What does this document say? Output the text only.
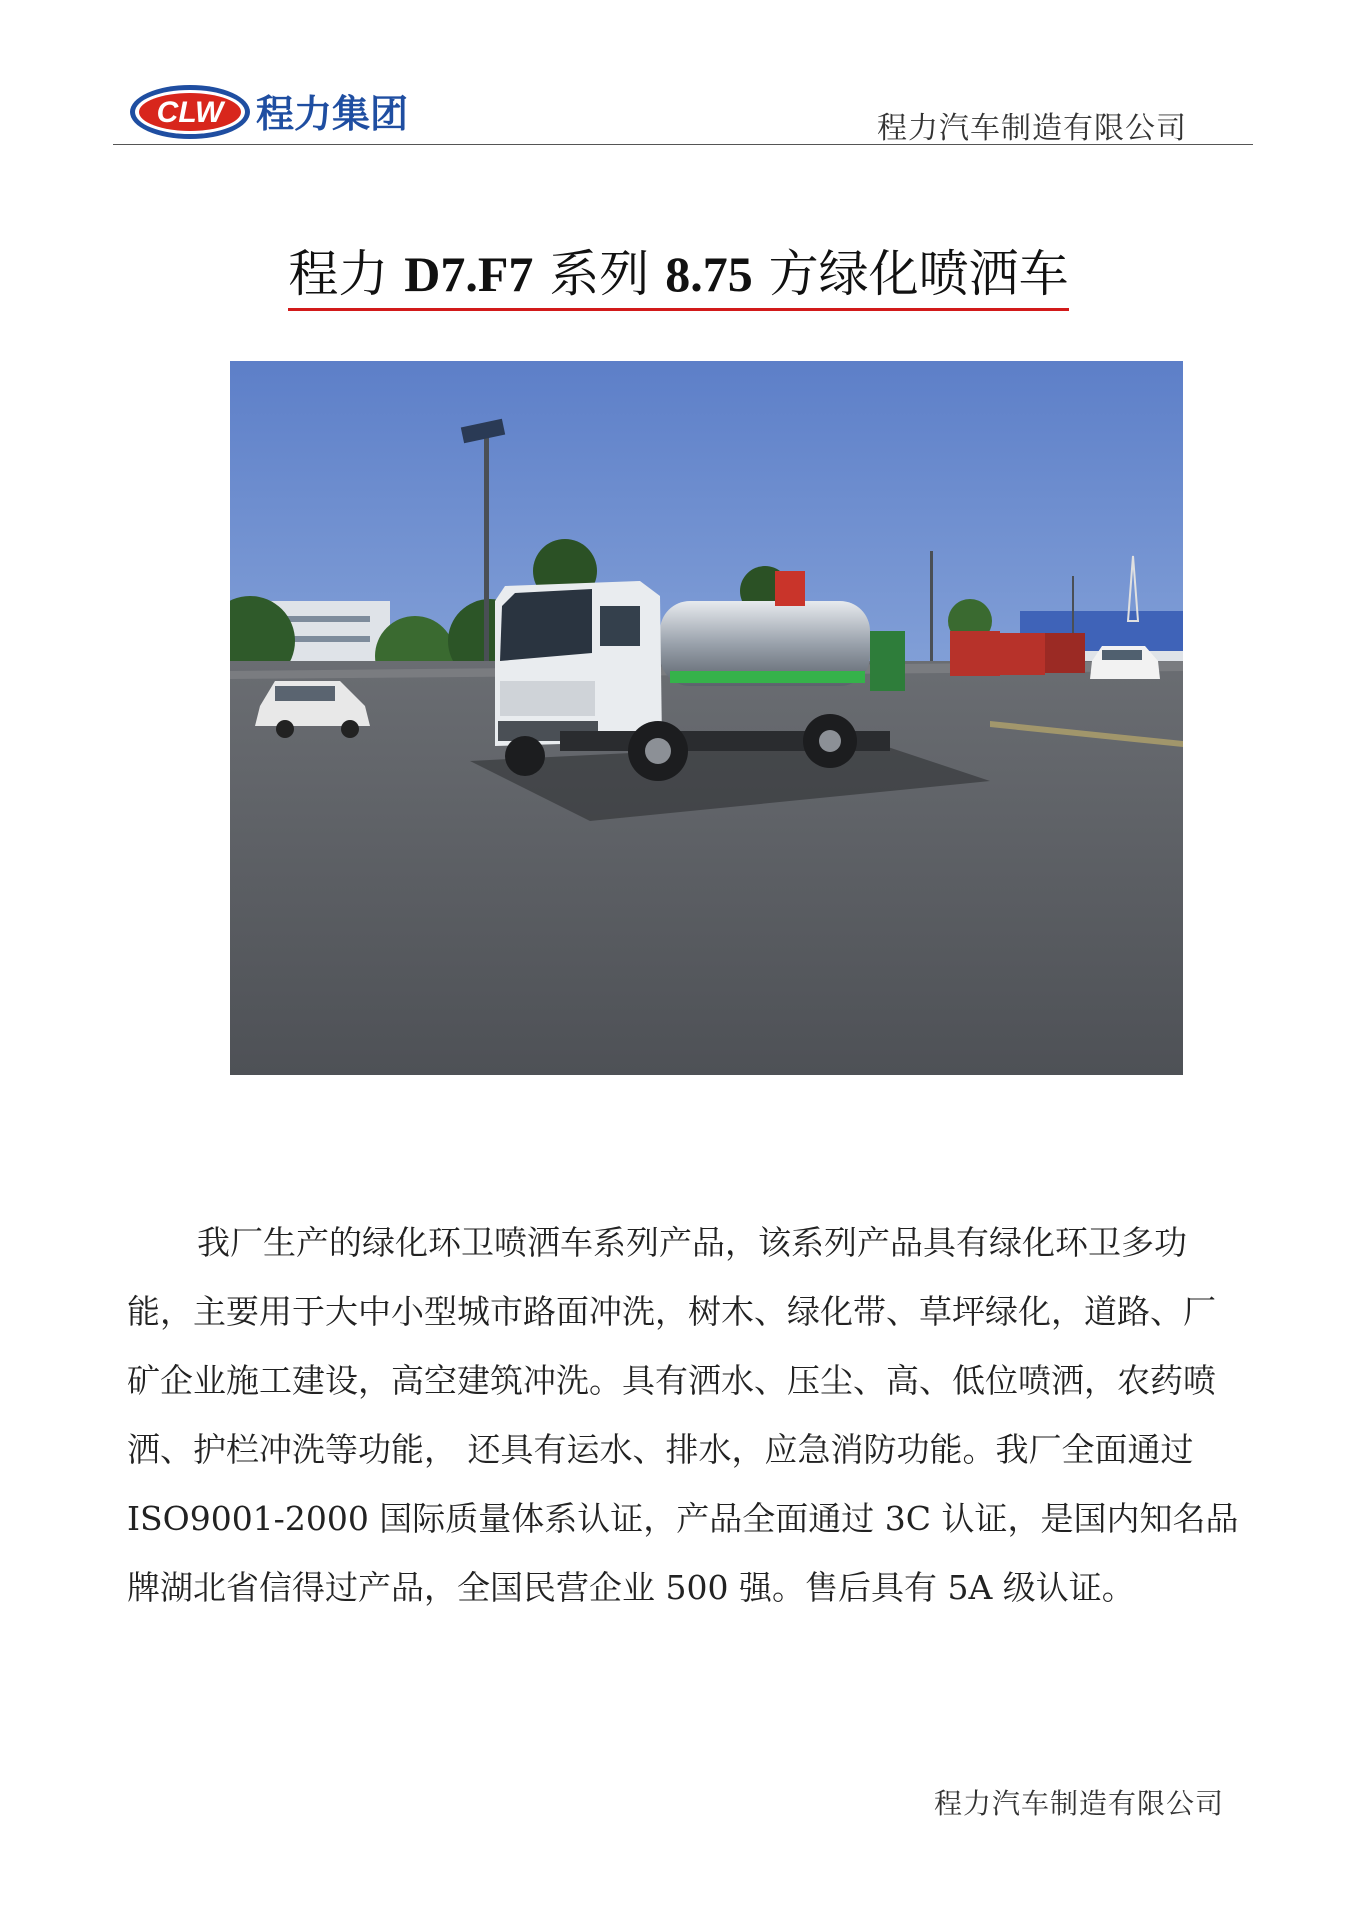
CLW 程力集团	程力汽车制造有限公司
程力 D7.F7 系列 8.75 方绿化喷洒车
我厂生产的绿化环卫喷洒车系列产品，该系列产品具有绿化环卫多功
能，主要用于大中小型城市路面冲洗，树木、绿化带、草坪绿化，道路、厂
矿企业施工建设，高空建筑冲洗。具有洒水、压尘、高、低位喷洒，农药喷
洒、护栏冲洗等功能， 还具有运水、排水，应急消防功能。我厂全面通过
ISO9001-2000 国际质量体系认证，产品全面通过 3C 认证，是国内知名品
牌湖北省信得过产品，全国民营企业 500 强。售后具有 5A 级认证。
程力汽车制造有限公司
